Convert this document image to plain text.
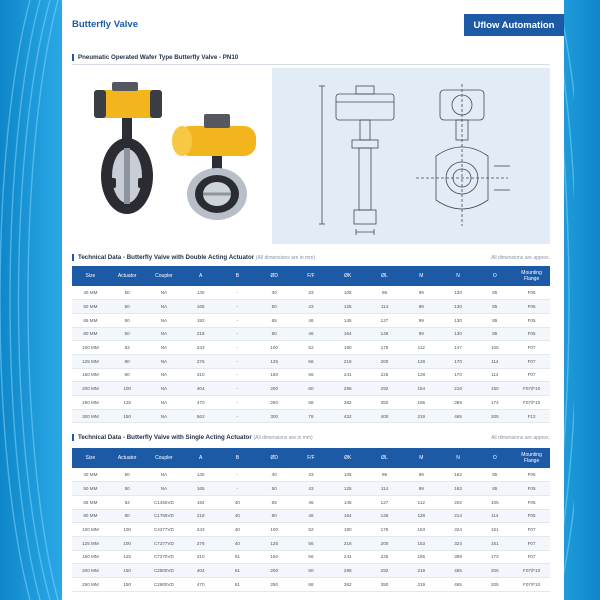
Butterfly Valve	Uflow Automation
Pneumatic Operated Wafer Type Butterfly Valve - PN10
Technical Data - Butterfly Valve with Double Acting Actuator (All dimensions are in mm)	All dimensions are approx.
Size	Actuator	Coupler	A	B	ØD	F/F	ØK	ØL	M	N	O	Mounting Flange
40 MM	50	NA	140	-	40	33	105	98	99	130	85	F05
50 MM	50	NA	165	-	50	43	125	114	99	130	85	F05
65 MM	50	NA	192	-	65	46	145	127	99	130	85	F05
80 MM	50	NA	218	-	80	46	164	146	99	130	85	F05
100 MM	63	NA	243	-	100	52	190	179	112	147	105	F07
125 MM	80	NA	276	-	125	56	216	200	128	170	114	F07
150 MM	80	NA	310	-	150	56	241	225	128	170	114	F07
200 MM	100	NA	404	-	200	60	298	292	154	216	150	F07/F10
250 MM	125	NA	470	-	250	68	362	350	185	389	174	F07/F10
300 MM	150	NA	562	-	300	78	432	400	219	465	205	F12
Technical Data - Butterfly Valve with Single Acting Actuator (All dimensions are in mm)	All dimensions are approx.
Size	Actuator	Coupler	A	B	ØD	F/F	ØK	ØL	M	N	O	Mounting Flange
40 MM	50	NA	140	-	40	33	105	98	99	162	85	F05
50 MM	50	NA	165	-	50	43	125	114	99	162	85	F05
65 MM	63	C1455VD	192	40	65	46	145	127	112	202	105	F05
80 MM	80	C1755VD	218	40	80	46	164	146	128	214	114	F05
100 MM	100	C4277VD	243	40	100	52	190	179	153	324	151	F07
125 MM	100	C7277VD	276	40	125	56	216	200	153	324	151	F07
150 MM	125	C7270VD	310	61	150	56	241	225	185	389	172	F07
200 MM	150	C2800VD	404	61	200	60	298	292	219	465	205	F07/F10
250 MM	150	C2800VD	470	61	250	68	362	350	219	465	205	F07/F10
